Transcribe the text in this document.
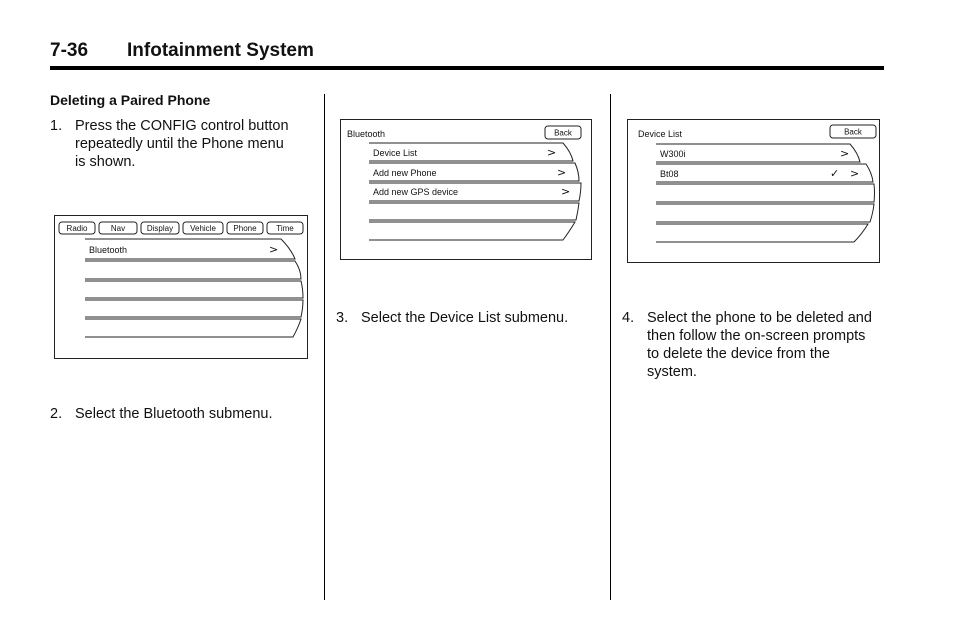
7-36 Infotainment System
Deleting a Paired Phone
1. Press the CONFIG control button repeatedly until the Phone menu is shown.
Radio	Nav	Display Vehicle Phone Time
Bluetooth	>
2. Select the Bluetooth submenu.
Bluetooth	Back
Device List	>
Add new Phone	>
Add new GPS device	>
3. Select the Device List submenu.
Device List	Back
W300i	>
Bt08	✓ >
4. Select the phone to be deleted and then follow the on-screen prompts to delete the device from the system.
